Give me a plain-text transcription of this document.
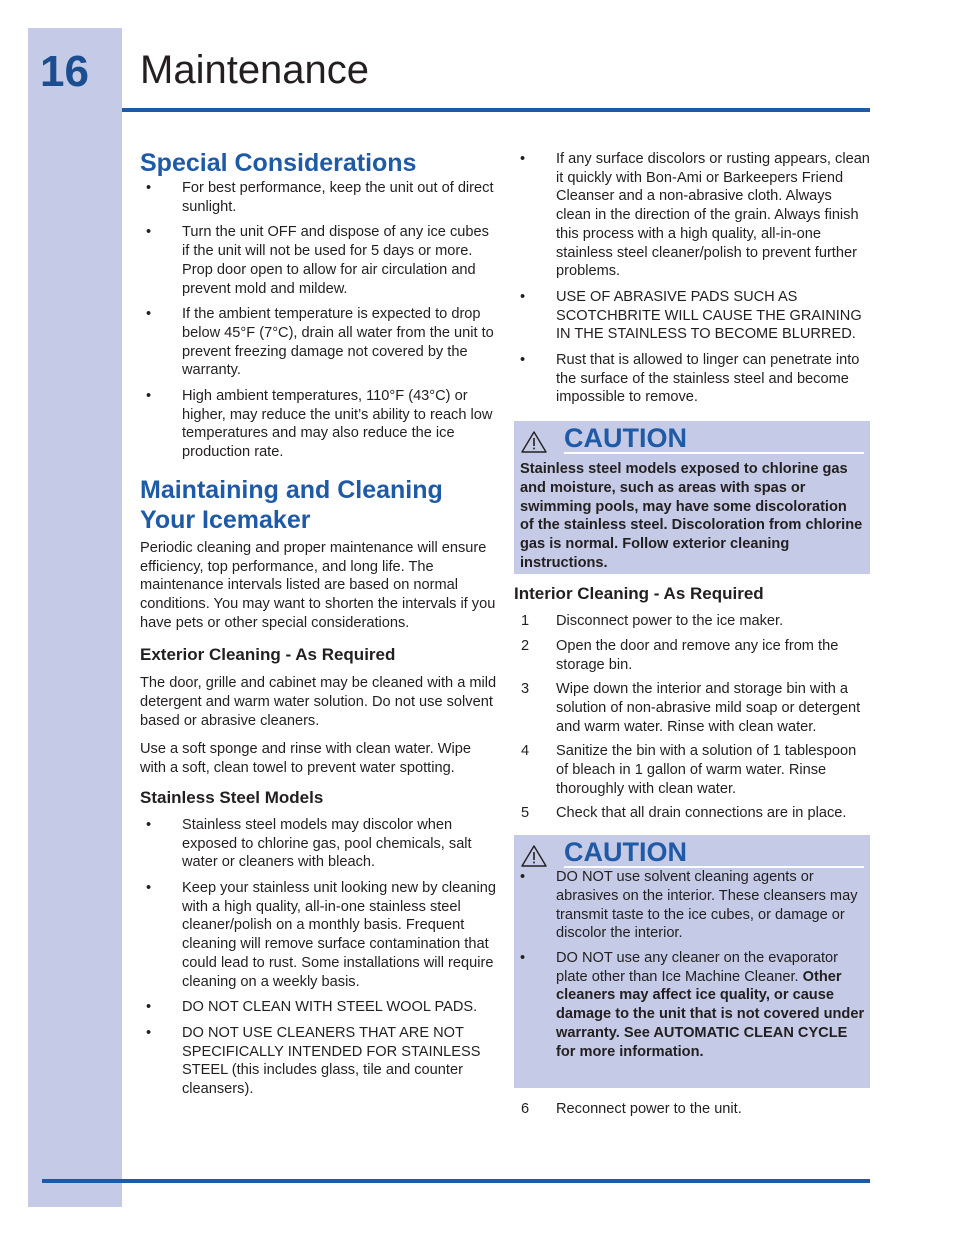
16 Maintenance
Special Considerations
• For best performance, keep the unit out of direct sunlight.
• Turn the unit OFF and dispose of any ice cubes if the unit will not be used for 5 days or more. Prop door open to allow for air circulation and prevent mold and mildew.
• If the ambient temperature is expected to drop below 45°F (7°C), drain all water from the unit to prevent freezing damage not covered by the warranty.
• High ambient temperatures, 110°F (43°C) or higher, may reduce the unit’s ability to reach low temperatures and may also reduce the ice production rate.
Maintaining and Cleaning Your Icemaker

Periodic cleaning and proper maintenance will ensure efficiency, top performance, and long life. The maintenance intervals listed are based on normal conditions. You may want to shorten the intervals if you have pets or other special considerations.

Exterior Cleaning - As Required

The door, grille and cabinet may be cleaned with a mild detergent and warm water solution. Do not use solvent based or abrasive cleaners.

Use a soft sponge and rinse with clean water. Wipe with a soft, clean towel to prevent water spotting.

Stainless Steel Models
• Stainless steel models may discolor when exposed to chlorine gas, pool chemicals, salt water or cleaners with bleach.
• Keep your stainless unit looking new by cleaning with a high quality, all-in-one stainless steel cleaner/polish on a monthly basis. Frequent cleaning will remove surface contamination that could lead to rust. Some installations will require cleaning on a weekly basis.
• DO NOT CLEAN WITH STEEL WOOL PADS.
• DO NOT USE CLEANERS THAT ARE NOT SPECIFICALLY INTENDED FOR STAINLESS STEEL (this includes glass, tile and counter cleansers).
• If any surface discolors or rusting appears, clean it quickly with Bon-Ami or Barkeepers Friend Cleanser and a non-abrasive cloth. Always clean in the direction of the grain. Always finish this process with a high quality, all-in-one stainless steel cleaner/polish to prevent further problems.
• USE OF ABRASIVE PADS SUCH AS SCOTCHBRITE WILL CAUSE THE GRAINING IN THE STAINLESS TO BECOME BLURRED.
• Rust that is allowed to linger can penetrate into the surface of the stainless steel and become impossible to remove.
CAUTION
Stainless steel models exposed to chlorine gas and moisture, such as areas with spas or swimming pools, may have some discoloration of the stainless steel. Discoloration from chlorine gas is normal. Follow exterior cleaning instructions.
Interior Cleaning - As Required
1 Disconnect power to the ice maker.
2 Open the door and remove any ice from the storage bin.
3 Wipe down the interior and storage bin with a solution of non-abrasive mild soap or detergent and warm water. Rinse with clean water.
4 Sanitize the bin with a solution of 1 tablespoon of bleach in 1 gallon of warm water. Rinse thoroughly with clean water.
5 Check that all drain connections are in place.
CAUTION
• DO NOT use solvent cleaning agents or abrasives on the interior. These cleansers may transmit taste to the ice cubes, or damage or discolor the interior.
• DO NOT use any cleaner on the evaporator plate other than Ice Machine Cleaner. Other cleaners may affect ice quality, or cause damage to the unit that is not covered under warranty. See AUTOMATIC CLEAN CYCLE for more information.
6 Reconnect power to the unit.
